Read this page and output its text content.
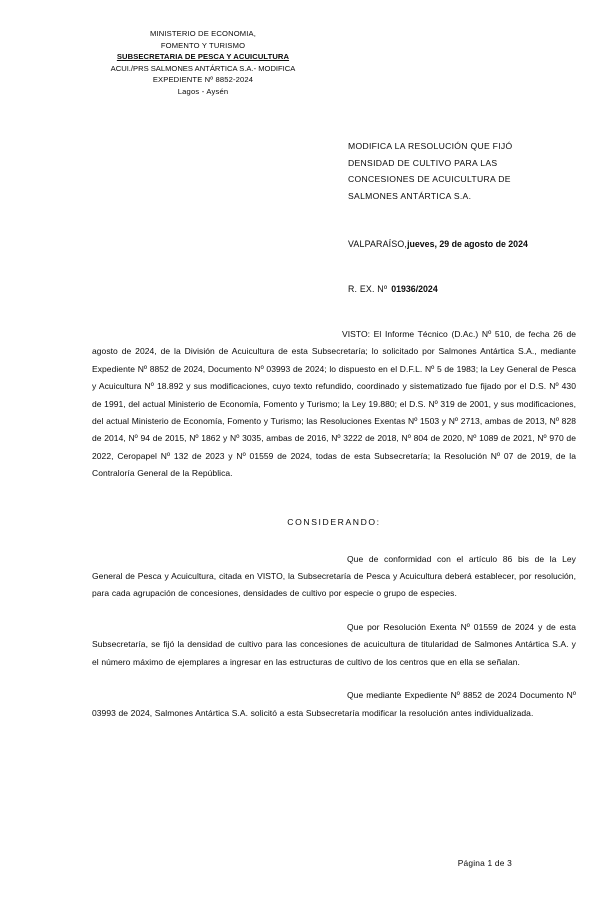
MINISTERIO DE ECONOMIA,
FOMENTO Y TURISMO
SUBSECRETARIA DE PESCA Y ACUICULTURA
ACUI./PRS SALMONES ANTÁRTICA S.A.- MODIFICA
EXPEDIENTE Nº 8852-2024
Lagos - Aysén
MODIFICA LA RESOLUCIÓN QUE FIJÓ
DENSIDAD DE CULTIVO PARA LAS
CONCESIONES DE ACUICULTURA DE
SALMONES ANTÁRTICA S.A.
VALPARAÍSO,jueves, 29 de agosto de 2024
R. EX. Nº 01936/2024

VISTO: El Informe Técnico (D.Ac.) Nº 510, de fecha 26 de agosto de 2024, de la División de Acuicultura de esta Subsecretaría; lo solicitado por Salmones Antártica S.A., mediante Expediente Nº 8852 de 2024, Documento Nº 03993 de 2024; lo dispuesto en el D.F.L. Nº 5 de 1983; la Ley General de Pesca y Acuicultura Nº 18.892 y sus modificaciones, cuyo texto refundido, coordinado y sistematizado fue fijado por el D.S. Nº 430 de 1991, del actual Ministerio de Economía, Fomento y Turismo; la Ley 19.880; el D.S. Nº 319 de 2001, y sus modificaciones, del actual Ministerio de Economía, Fomento y Turismo; las Resoluciones Exentas Nº 1503 y Nº 2713, ambas de 2013, Nº 828 de 2014, Nº 94 de 2015, Nº 1862 y Nº 3035, ambas de 2016, Nº 3222 de 2018, Nº 804 de 2020, Nº 1089 de 2021, Nº 970 de 2022, Ceropapel Nº 132 de 2023 y Nº 01559 de 2024, todas de esta Subsecretaría; la Resolución Nº 07 de 2019, de la Contraloría General de la República.

CONSIDERANDO:

Que de conformidad con el artículo 86 bis de la Ley General de Pesca y Acuicultura, citada en VISTO, la Subsecretaría de Pesca y Acuicultura deberá establecer, por resolución, para cada agrupación de concesiones, densidades de cultivo por especie o grupo de especies.

Que por Resolución Exenta Nº 01559 de 2024 y de esta Subsecretaría, se fijó la densidad de cultivo para las concesiones de acuicultura de titularidad de Salmones Antártica S.A. y el número máximo de ejemplares a ingresar en las estructuras de cultivo de los centros que en ella se señalan.

Que mediante Expediente Nº 8852 de 2024 Documento Nº 03993 de 2024, Salmones Antártica S.A. solicitó a esta Subsecretaría modificar la resolución antes individualizada.

Página 1 de 3
